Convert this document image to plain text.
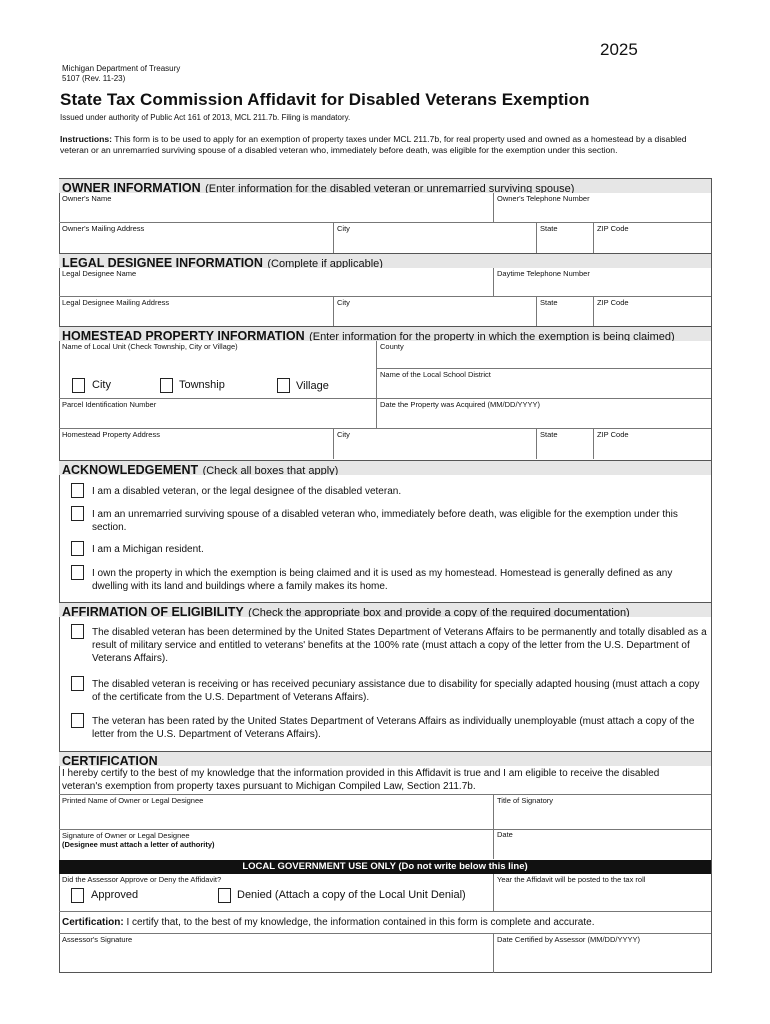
2025
Michigan Department of Treasury
5107 (Rev. 11-23)
State Tax Commission Affidavit for Disabled Veterans Exemption
Issued under authority of Public Act 161 of 2013, MCL 211.7b. Filing is mandatory.
Instructions: This form is to be used to apply for an exemption of property taxes under MCL 211.7b, for real property used and owned as a homestead by a disabled veteran or an unremarried surviving spouse of a disabled veteran who, immediately before death, was eligible for the exemption under this section.
OWNER INFORMATION (Enter information for the disabled veteran or unremarried surviving spouse)
Owner's Name	Owner's Telephone Number
Owner's Mailing Address	City	State	ZIP Code
LEGAL DESIGNEE INFORMATION (Complete if applicable)
Legal Designee Name	Daytime Telephone Number
Legal Designee Mailing Address	City	State	ZIP Code
HOMESTEAD PROPERTY INFORMATION (Enter information for the property in which the exemption is being claimed)
Name of Local Unit (Check Township, City or Village)	County
Name of the Local School District
City	Township	Village
Parcel Identification Number	Date the Property was Acquired (MM/DD/YYYY)
Homestead Property Address	City	State	ZIP Code
ACKNOWLEDGEMENT (Check all boxes that apply)
I am a disabled veteran, or the legal designee of the disabled veteran.
I am an unremarried surviving spouse of a disabled veteran who, immediately before death, was eligible for the exemption under this section.
I am a Michigan resident.
I own the property in which the exemption is being claimed and it is used as my homestead. Homestead is generally defined as any dwelling with its land and buildings where a family makes its home.
AFFIRMATION OF ELIGIBILITY (Check the appropriate box and provide a copy of the required documentation)
The disabled veteran has been determined by the United States Department of Veterans Affairs to be permanently and totally disabled as a result of military service and entitled to veterans' benefits at the 100% rate (must attach a copy of the letter from the U.S. Department of Veterans Affairs).
The disabled veteran is receiving or has received pecuniary assistance due to disability for specially adapted housing (must attach a copy of the certificate from the U.S. Department of Veterans Affairs).
The veteran has been rated by the United States Department of Veterans Affairs as individually unemployable (must attach a copy of the letter from the U.S. Department of Veterans Affairs).
CERTIFICATION
I hereby certify to the best of my knowledge that the information provided in this Affidavit is true and I am eligible to receive the disabled veteran's exemption from property taxes pursuant to Michigan Compiled Law, Section 211.7b.
Printed Name of Owner or Legal Designee	Title of Signatory
Signature of Owner or Legal Designee
(Designee must attach a letter of authority)
Date
LOCAL GOVERNMENT USE ONLY (Do not write below this line)
Did the Assessor Approve or Deny the Affidavit?	Year the Affidavit will be posted to the tax roll
Approved	Denied (Attach a copy of the Local Unit Denial)
Certification: I certify that, to the best of my knowledge, the information contained in this form is complete and accurate.
Assessor's Signature	Date Certified by Assessor (MM/DD/YYYY)
